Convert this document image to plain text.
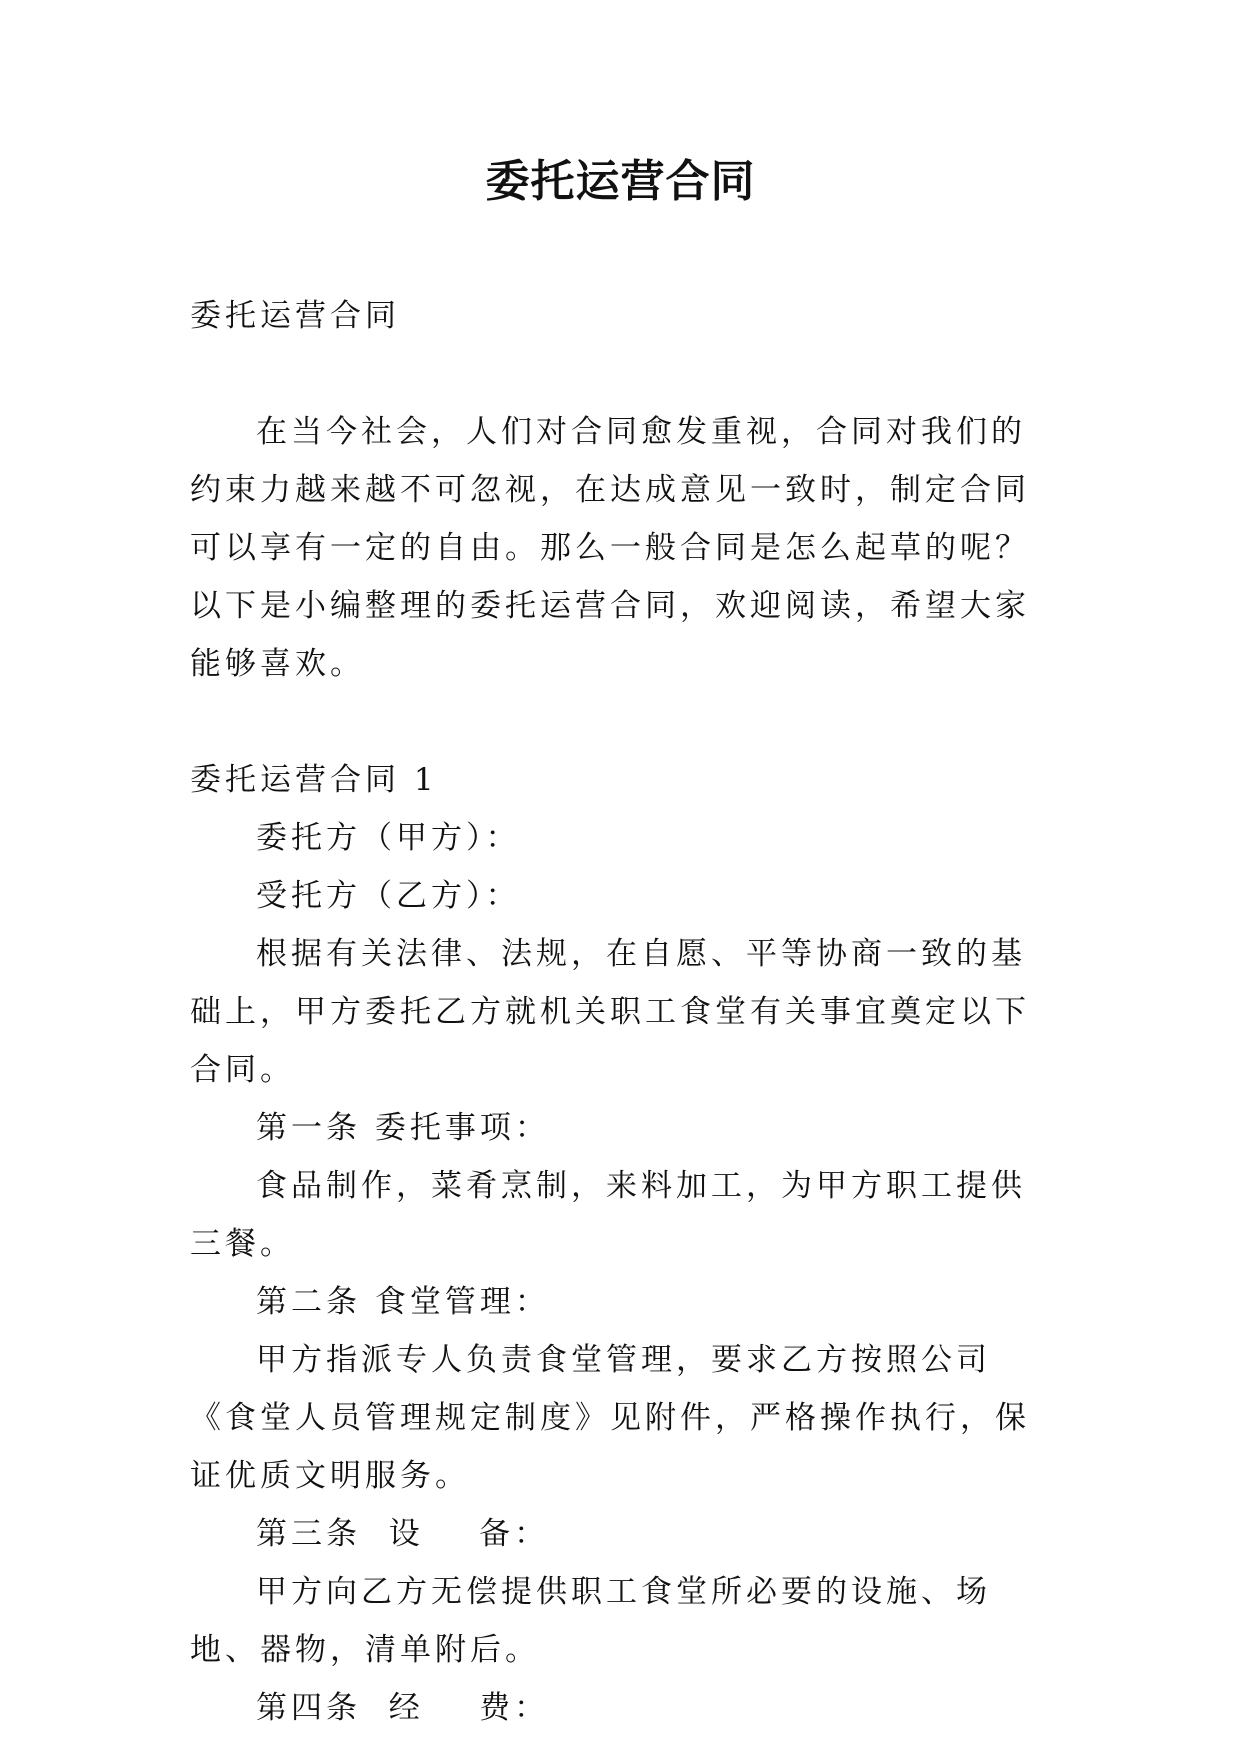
委托运营合同

委托运营合同

在当今社会，人们对合同愈发重视，合同对我们的约束力越来越不可忽视，在达成意见一致时，制定合同可以享有一定的自由。那么一般合同是怎么起草的呢？以下是小编整理的委托运营合同，欢迎阅读，希望大家能够喜欢。

委托运营合同 1

委托方（甲方）：

受托方（乙方）：

根据有关法律、法规，在自愿、平等协商一致的基础上，甲方委托乙方就机关职工食堂有关事宜奠定以下合同。

第一条 委托事项：

食品制作，菜肴烹制，来料加工，为甲方职工提供三餐。

第二条 食堂管理：

甲方指派专人负责食堂管理，要求乙方按照公司《食堂人员管理规定制度》见附件，严格操作执行，保证优质文明服务。

第三条  设    备：

甲方向乙方无偿提供职工食堂所必要的设施、场地、器物，清单附后。

第四条  经    费：
